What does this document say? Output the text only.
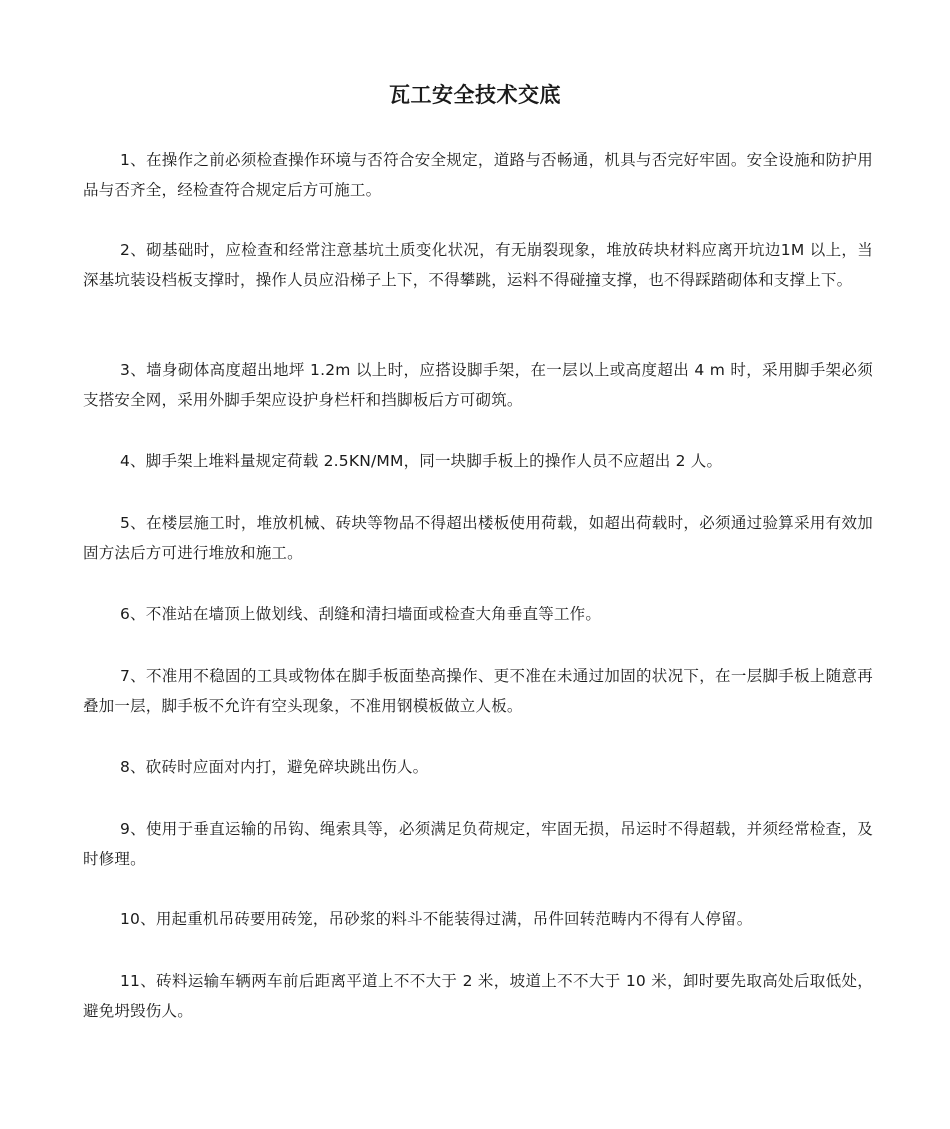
瓦工安全技术交底

1、在操作之前必须检查操作环境与否符合安全规定，道路与否畅通，机具与否完好牢固。安全设施和防护用品与否齐全，经检查符合规定后方可施工。

2、砌基础时，应检查和经常注意基坑土质变化状况，有无崩裂现象，堆放砖块材料应离开坑边1M 以上，当深基坑装设档板支撑时，操作人员应沿梯子上下，不得攀跳，运料不得碰撞支撑，也不得踩踏砌体和支撑上下。

3、墙身砌体高度超出地坪 1.2m 以上时，应搭设脚手架，在一层以上或高度超出 4 m 时，采用脚手架必须支搭安全网，采用外脚手架应设护身栏杆和挡脚板后方可砌筑。

4、脚手架上堆料量规定荷载 2.5KN/MM，同一块脚手板上的操作人员不应超出 2 人。

5、在楼层施工时，堆放机械、砖块等物品不得超出楼板使用荷载，如超出荷载时，必须通过验算采用有效加固方法后方可进行堆放和施工。

6、不准站在墙顶上做划线、刮缝和清扫墙面或检查大角垂直等工作。

7、不准用不稳固的工具或物体在脚手板面垫高操作、更不准在未通过加固的状况下，在一层脚手板上随意再叠加一层，脚手板不允许有空头现象，不准用钢模板做立人板。

8、砍砖时应面对内打，避免碎块跳出伤人。

9、使用于垂直运输的吊钩、绳索具等，必须满足负荷规定，牢固无损，吊运时不得超载，并须经常检查，及时修理。

10、用起重机吊砖要用砖笼，吊砂浆的料斗不能装得过满，吊件回转范畴内不得有人停留。

11、砖料运输车辆两车前后距离平道上不不大于 2 米，坡道上不不大于 10 米，卸时要先取高处后取低处，避免坍毁伤人。
